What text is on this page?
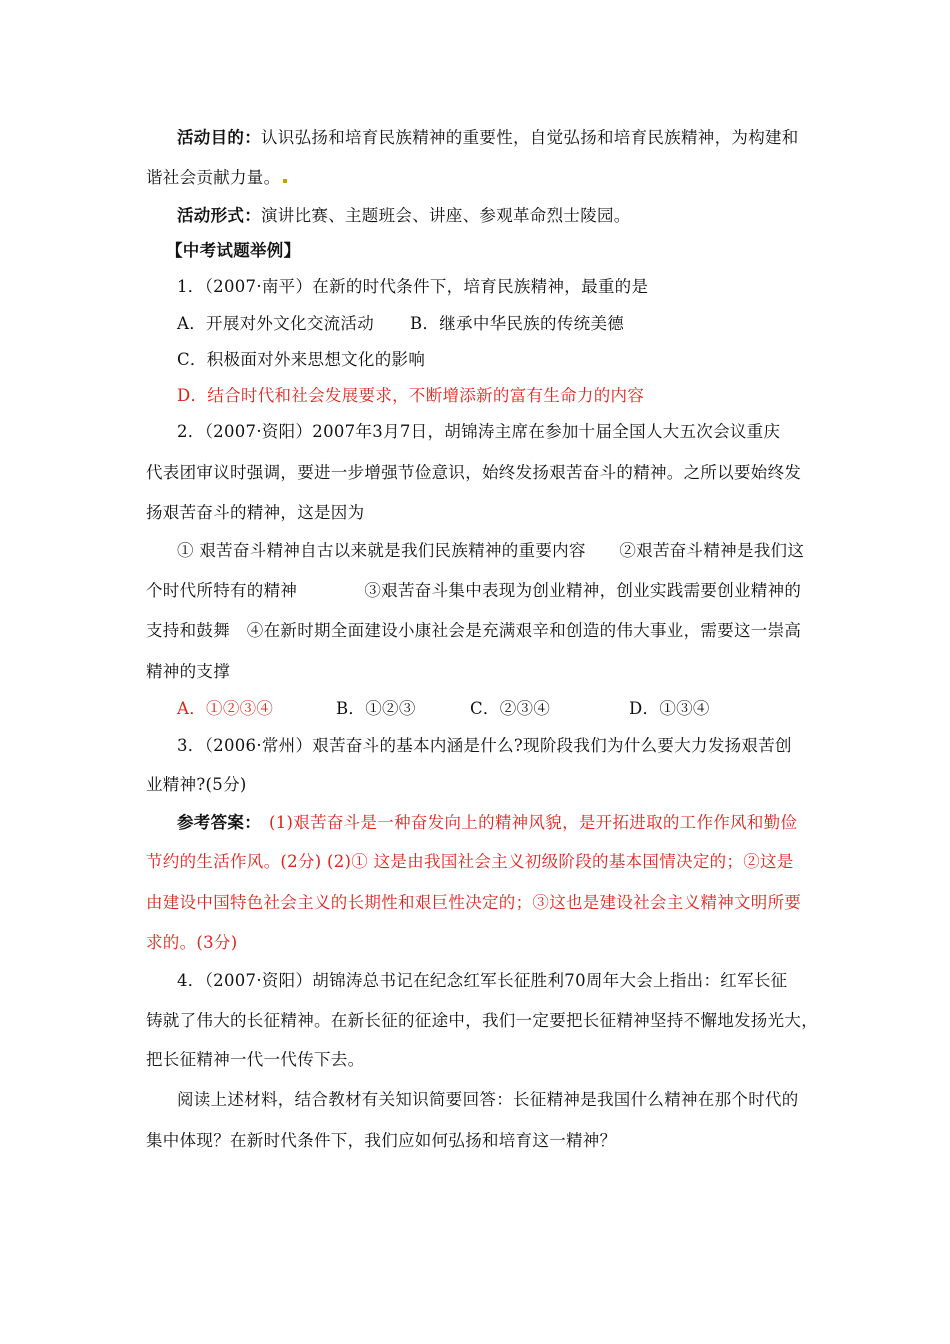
活动目的：认识弘扬和培育民族精神的重要性，自觉弘扬和培育民族精神，为构建和
谐社会贡献力量。
活动形式：演讲比赛、主题班会、讲座、参观革命烈士陵园。
【中考试题举例】
1．（2007·南平）在新的时代条件下，培育民族精神，最重的是
A．开展对外文化交流活动 B．继承中华民族的传统美德
C．积极面对外来思想文化的影响
D．结合时代和社会发展要求，不断增添新的富有生命力的内容
2．（2007·资阳）2007年3月7日，胡锦涛主席在参加十届全国人大五次会议重庆
代表团审议时强调，要进一步增强节俭意识，始终发扬艰苦奋斗的精神。之所以要始终发
扬艰苦奋斗的精神，这是因为
① 艰苦奋斗精神自古以来就是我们民族精神的重要内容　　②艰苦奋斗精神是我们这
个时代所特有的精神　　　　③艰苦奋斗集中表现为创业精神，创业实践需要创业精神的
支持和鼓舞　④在新时期全面建设小康社会是充满艰辛和创造的伟大事业，需要这一崇高
精神的支撑
A．①②③④	B．①②③	C．②③④	D．①③④
3．（2006·常州）艰苦奋斗的基本内涵是什么?现阶段我们为什么要大力发扬艰苦创
业精神?(5分)
参考答案： (1)艰苦奋斗是一种奋发向上的精神风貌，是开拓进取的工作作风和勤俭
节约的生活作风。(2分) (2)① 这是由我国社会主义初级阶段的基本国情决定的；②这是
由建设中国特色社会主义的长期性和艰巨性决定的；③这也是建设社会主义精神文明所要
求的。(3分)
4．（2007·资阳）胡锦涛总书记在纪念红军长征胜利70周年大会上指出：红军长征
铸就了伟大的长征精神。在新长征的征途中，我们一定要把长征精神坚持不懈地发扬光大，
把长征精神一代一代传下去。
阅读上述材料，结合教材有关知识简要回答：长征精神是我国什么精神在那个时代的
集中体现？在新时代条件下，我们应如何弘扬和培育这一精神？
